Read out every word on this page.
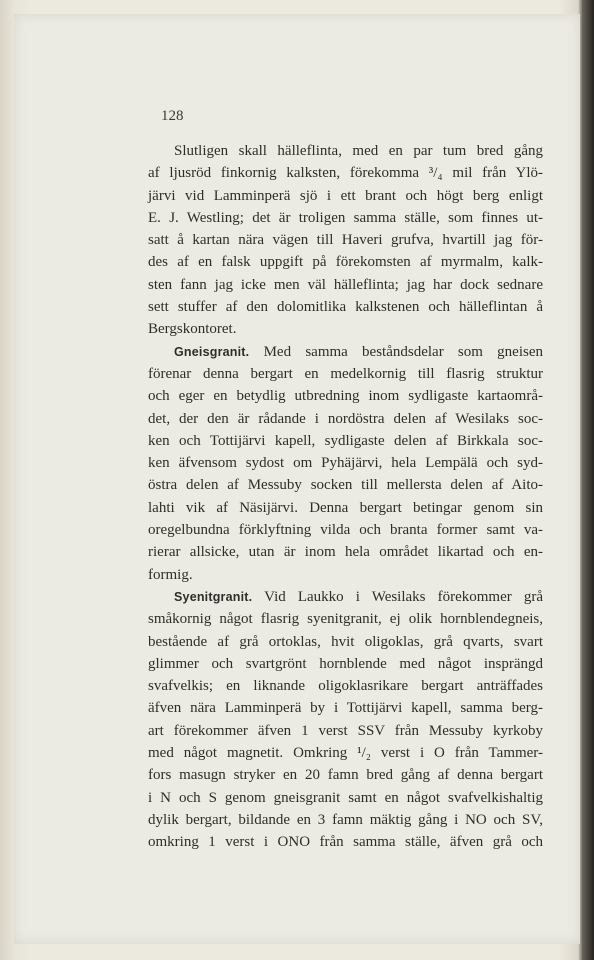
128
Slutligen skall hälleflinta, med en par tum bred gång
af ljusröd finkornig kalksten, förekomma ³/₄ mil från Ylö-
järvi vid Lamminperä sjö i ett brant och högt berg enligt
E. J. Westling; det är troligen samma ställe, som finnes ut-
satt å kartan nära vägen till Haveri grufva, hvartill jag för-
des af en falsk uppgift på förekomsten af myrmalm, kalk-
sten fann jag icke men väl hälleflinta; jag har dock sednare
sett stuffer af den dolomitlika kalkstenen och hälleflintan å
Bergskontoret.
Gneisgranit. Med samma beståndsdelar som gneisen
förenar denna bergart en medelkornig till flasrig struktur
och eger en betydlig utbredning inom sydligaste kartaområ-
det, der den är rådande i nordöstra delen af Wesilaks soc-
ken och Tottijärvi kapell, sydligaste delen af Birkkala soc-
ken äfvensom sydost om Pyhäjärvi, hela Lempälä och syd-
östra delen af Messuby socken till mellersta delen af Aito-
lahti vik af Näsijärvi. Denna bergart betingar genom sin
oregelbundna förklyftning vilda och branta former samt va-
rierar allsicke, utan är inom hela området likartad och en-
formig.
Syenitgranit. Vid Laukko i Wesilaks förekommer grå
småkornig något flasrig syenitgranit, ej olik hornblendegneis,
bestående af grå ortoklas, hvit oligoklas, grå qvarts, svart
glimmer och svartgrönt hornblende med något insprängd
svafvelkis; en liknande oligoklasrikare bergart anträffades
äfven nära Lamminperä by i Tottijärvi kapell, samma berg-
art förekommer äfven 1 verst SSV från Messuby kyrkoby
med något magnetit. Omkring ¹/₂ verst i O från Tammer-
fors masugn stryker en 20 famn bred gång af denna bergart
i N och S genom gneisgranit samt en något svafvelkishaltig
dylik bergart, bildande en 3 famn mäktig gång i NO och SV,
omkring 1 verst i ONO från samma ställe, äfven grå och
